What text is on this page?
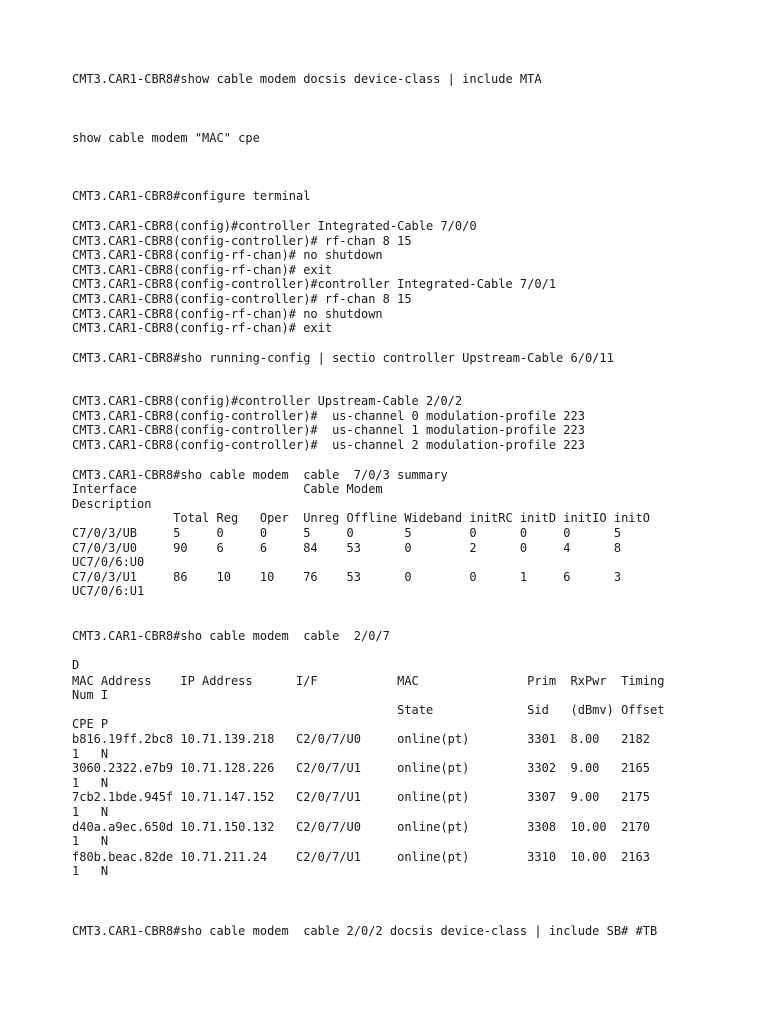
CMT3.CAR1-CBR8#show cable modem docsis device-class | include MTA

show cable modem "MAC" cpe

CMT3.CAR1-CBR8#configure terminal

CMT3.CAR1-CBR8(config)#controller Integrated-Cable 7/0/0

CMT3.CAR1-CBR8(config-controller)# rf-chan 8 15

CMT3.CAR1-CBR8(config-rf-chan)# no shutdown

CMT3.CAR1-CBR8(config-rf-chan)# exit

CMT3.CAR1-CBR8(config-controller)#controller Integrated-Cable 7/0/1

CMT3.CAR1-CBR8(config-controller)# rf-chan 8 15

CMT3.CAR1-CBR8(config-rf-chan)# no shutdown

CMT3.CAR1-CBR8(config-rf-chan)# exit

CMT3.CAR1-CBR8#sho running-config | sectio controller Upstream-Cable 6/0/11

CMT3.CAR1-CBR8(config)#controller Upstream-Cable 2/0/2

CMT3.CAR1-CBR8(config-controller)#  us-channel 0 modulation-profile 223

CMT3.CAR1-CBR8(config-controller)#  us-channel 1 modulation-profile 223

CMT3.CAR1-CBR8(config-controller)#  us-channel 2 modulation-profile 223

CMT3.CAR1-CBR8#sho cable modem  cable  7/0/3 summary

Interface                       Cable Modem

Description

Total Reg   Oper  Unreg Offline Wideband initRC initD initIO initO

C7/0/3/UB     5     0     0     5     0       5        0      0     0      5

C7/0/3/U0     90    6     6     84    53      0        2      0     4      8

UC7/0/6:U0

C7/0/3/U1     86    10    10    76    53      0        0      1     6      3

UC7/0/6:U1

CMT3.CAR1-CBR8#sho cable modem  cable  2/0/7

D

MAC Address    IP Address      I/F           MAC               Prim  RxPwr  Timing

Num I

State             Sid   (dBmv) Offset

CPE P

b816.19ff.2bc8 10.71.139.218   C2/0/7/U0     online(pt)        3301  8.00   2182

1   N

3060.2322.e7b9 10.71.128.226   C2/0/7/U1     online(pt)        3302  9.00   2165

1   N

7cb2.1bde.945f 10.71.147.152   C2/0/7/U1     online(pt)        3307  9.00   2175

1   N

d40a.a9ec.650d 10.71.150.132   C2/0/7/U0     online(pt)        3308  10.00  2170

1   N

f80b.beac.82de 10.71.211.24    C2/0/7/U1     online(pt)        3310  10.00  2163

1   N

CMT3.CAR1-CBR8#sho cable modem  cable 2/0/2 docsis device-class | include SB# #TB
